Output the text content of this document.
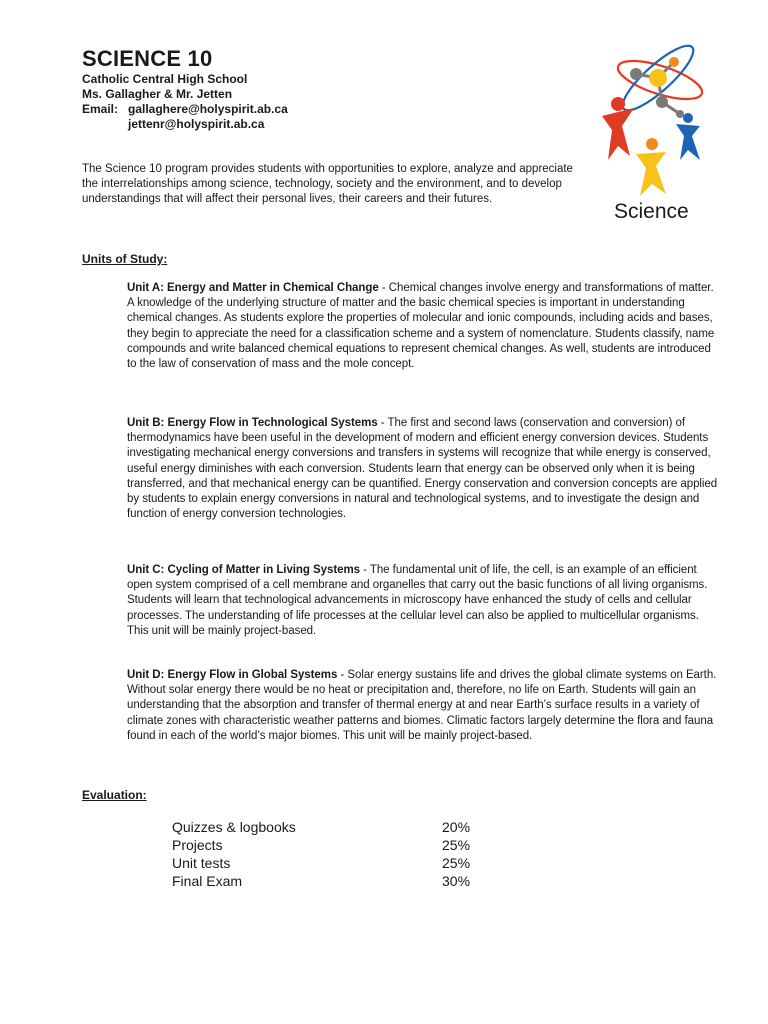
SCIENCE 10
Catholic Central High School
Ms. Gallagher & Mr. Jetten
Email: gallaghere@holyspirit.ab.ca
jettenr@holyspirit.ab.ca
The Science 10 program provides students with opportunities to explore, analyze and appreciate the interrelationships among science, technology, society and the environment, and to develop understandings that will affect their personal lives, their careers and their futures.
Science
Units of Study:
Unit A: Energy and Matter in Chemical Change - Chemical changes involve energy and transformations of matter. A knowledge of the underlying structure of matter and the basic chemical species is important in understanding chemical changes. As students explore the properties of molecular and ionic compounds, including acids and bases, they begin to appreciate the need for a classification scheme and a system of nomenclature. Students classify, name compounds and write balanced chemical equations to represent chemical changes. As well, students are introduced to the law of conservation of mass and the mole concept.
Unit B: Energy Flow in Technological Systems - The first and second laws (conservation and conversion) of thermodynamics have been useful in the development of modern and efficient energy conversion devices. Students investigating mechanical energy conversions and transfers in systems will recognize that while energy is conserved, useful energy diminishes with each conversion. Students learn that energy can be observed only when it is being transferred, and that mechanical energy can be quantified. Energy conservation and conversion concepts are applied by students to explain energy conversions in natural and technological systems, and to investigate the design and function of energy conversion technologies.
Unit C: Cycling of Matter in Living Systems - The fundamental unit of life, the cell, is an example of an efficient open system comprised of a cell membrane and organelles that carry out the basic functions of all living organisms. Students will learn that technological advancements in microscopy have enhanced the study of cells and cellular processes. The understanding of life processes at the cellular level can also be applied to multicellular organisms. This unit will be mainly project-based.
Unit D: Energy Flow in Global Systems - Solar energy sustains life and drives the global climate systems on Earth. Without solar energy there would be no heat or precipitation and, therefore, no life on Earth. Students will gain an understanding that the absorption and transfer of thermal energy at and near Earth’s surface results in a variety of climate zones with characteristic weather patterns and biomes. Climatic factors largely determine the flora and fauna found in each of the world’s major biomes. This unit will be mainly project-based.
Evaluation:
Quizzes & logbooks	20%
Projects	25%
Unit tests	25%
Final Exam	30%
